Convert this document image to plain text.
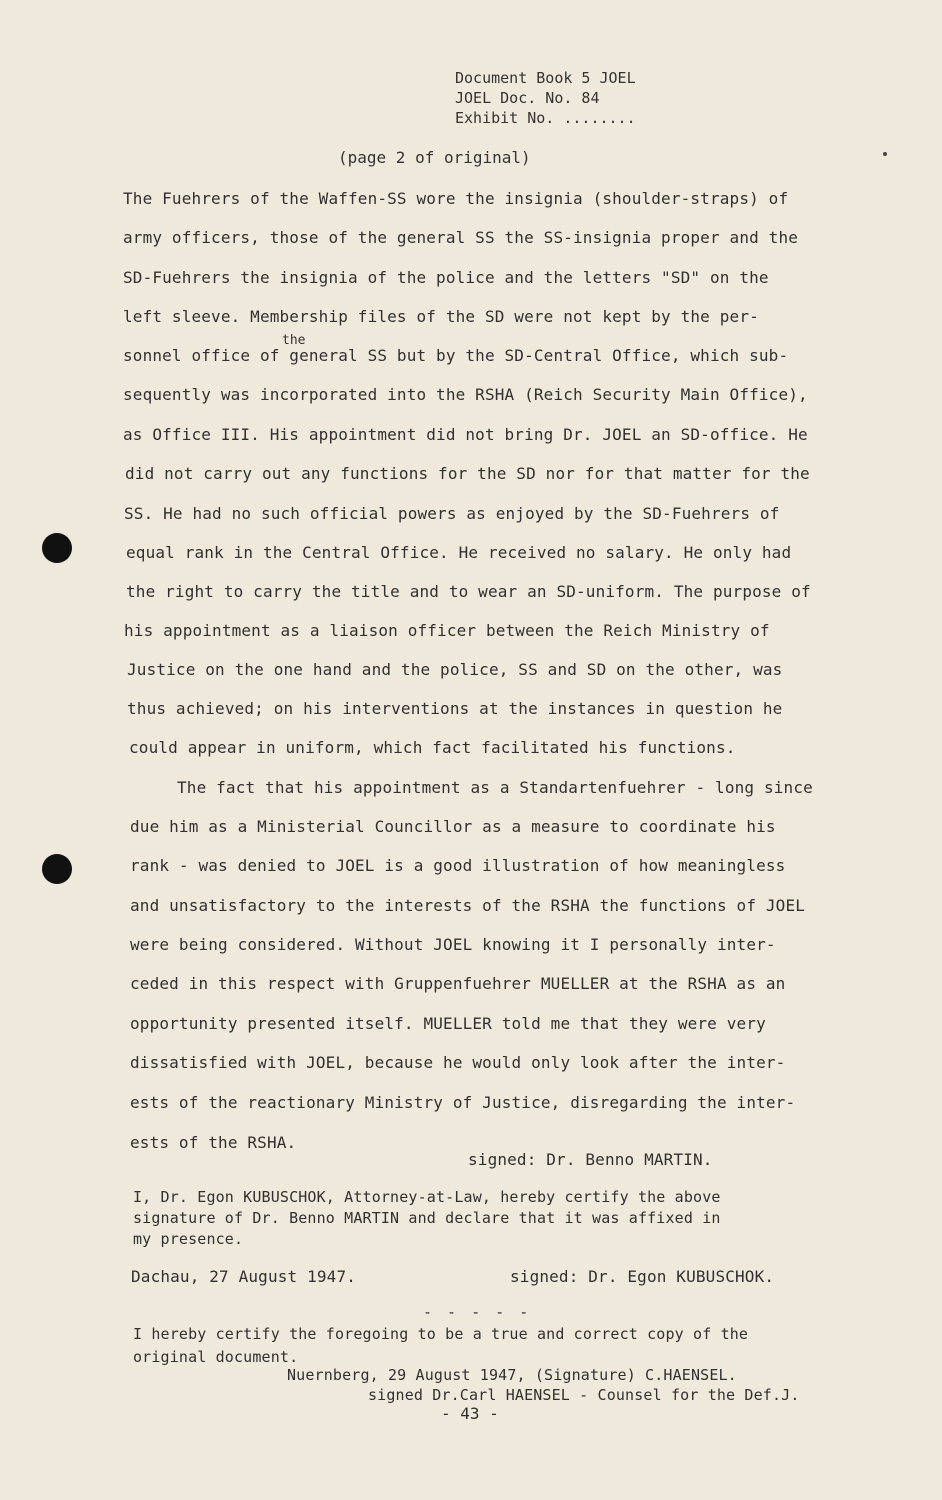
Document Book 5 JOEL
JOEL Doc. No. 84
Exhibit No. ........
(page 2 of original)
the
The Fuehrers of the Waffen-SS wore the insignia (shoulder-straps) of
army officers, those of the general SS the SS-insignia proper and the
SD-Fuehrers the insignia of the police and the letters "SD" on the
left sleeve. Membership files of the SD were not kept by the per-
sonnel office of general SS but by the SD-Central Office, which sub-
sequently was incorporated into the RSHA (Reich Security Main Office),
as Office III. His appointment did not bring Dr. JOEL an SD-office. He
did not carry out any functions for the SD nor for that matter for the
SS. He had no such official powers as enjoyed by the SD-Fuehrers of
equal rank in the Central Office. He received no salary. He only had
the right to carry the title and to wear an SD-uniform. The purpose of
his appointment as a liaison officer between the Reich Ministry of
Justice on the one hand and the police, SS and SD on the other, was
thus achieved; on his interventions at the instances in question he
could appear in uniform, which fact facilitated his functions.
The fact that his appointment as a Standartenfuehrer - long since
due him as a Ministerial Councillor as a measure to coordinate his
rank - was denied to JOEL is a good illustration of how meaningless
and unsatisfactory to the interests of the RSHA the functions of JOEL
were being considered. Without JOEL knowing it I personally inter-
ceded in this respect with Gruppenfuehrer MUELLER at the RSHA as an
opportunity presented itself. MUELLER told me that they were very
dissatisfied with JOEL, because he would only look after the inter-
ests of the reactionary Ministry of Justice, disregarding the inter-
ests of the RSHA.
signed: Dr. Benno MARTIN.
I, Dr. Egon KUBUSCHOK, Attorney-at-Law, hereby certify the above
signature of Dr. Benno MARTIN and declare that it was affixed in
my presence.
Dachau, 27 August 1947.	signed: Dr. Egon KUBUSCHOK.
- - - - -
I hereby certify the foregoing to be a true and correct copy of the
original document.
Nuernberg, 29 August 1947, (Signature) C.HAENSEL.
signed Dr.Carl HAENSEL - Counsel for the Def.J.
- 43 -
